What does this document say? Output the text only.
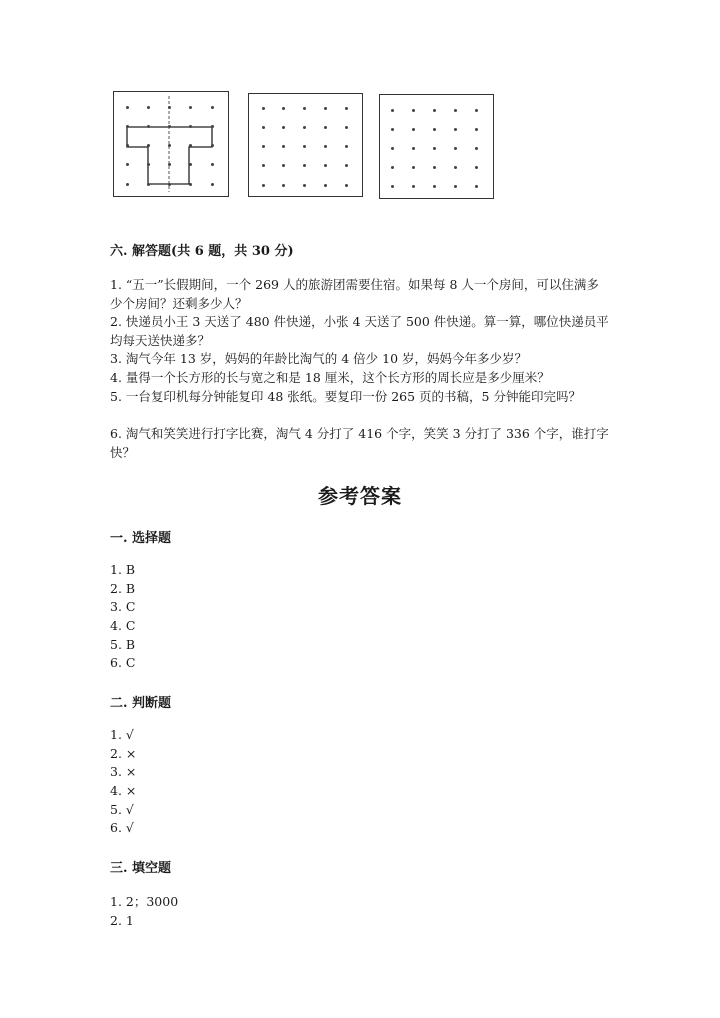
六. 解答题(共 6 题，共 30 分)
1. “五一”长假期间，一个 269 人的旅游团需要住宿。如果每 8 人一个房间，可以住满多少个房间？还剩多少人？
2. 快递员小王 3 天送了 480 件快递，小张 4 天送了 500 件快递。算一算，哪位快递员平均每天送快递多？
3. 淘气今年 13 岁，妈妈的年龄比淘气的 4 倍少 10 岁，妈妈今年多少岁？
4. 量得一个长方形的长与宽之和是 18 厘米，这个长方形的周长应是多少厘米？
5. 一台复印机每分钟能复印 48 张纸。要复印一份 265 页的书稿，5 分钟能印完吗？
6. 淘气和笑笑进行打字比赛，淘气 4 分打了 416 个字，笑笑 3 分打了 336 个字，谁打字快？
参考答案
一. 选择题
1. B
2. B
3. C
4. C
5. B
6. C
二. 判断题
1. √
2. ×
3. ×
4. ×
5. √
6. √
三. 填空题
1. 2；3000
2. 1
